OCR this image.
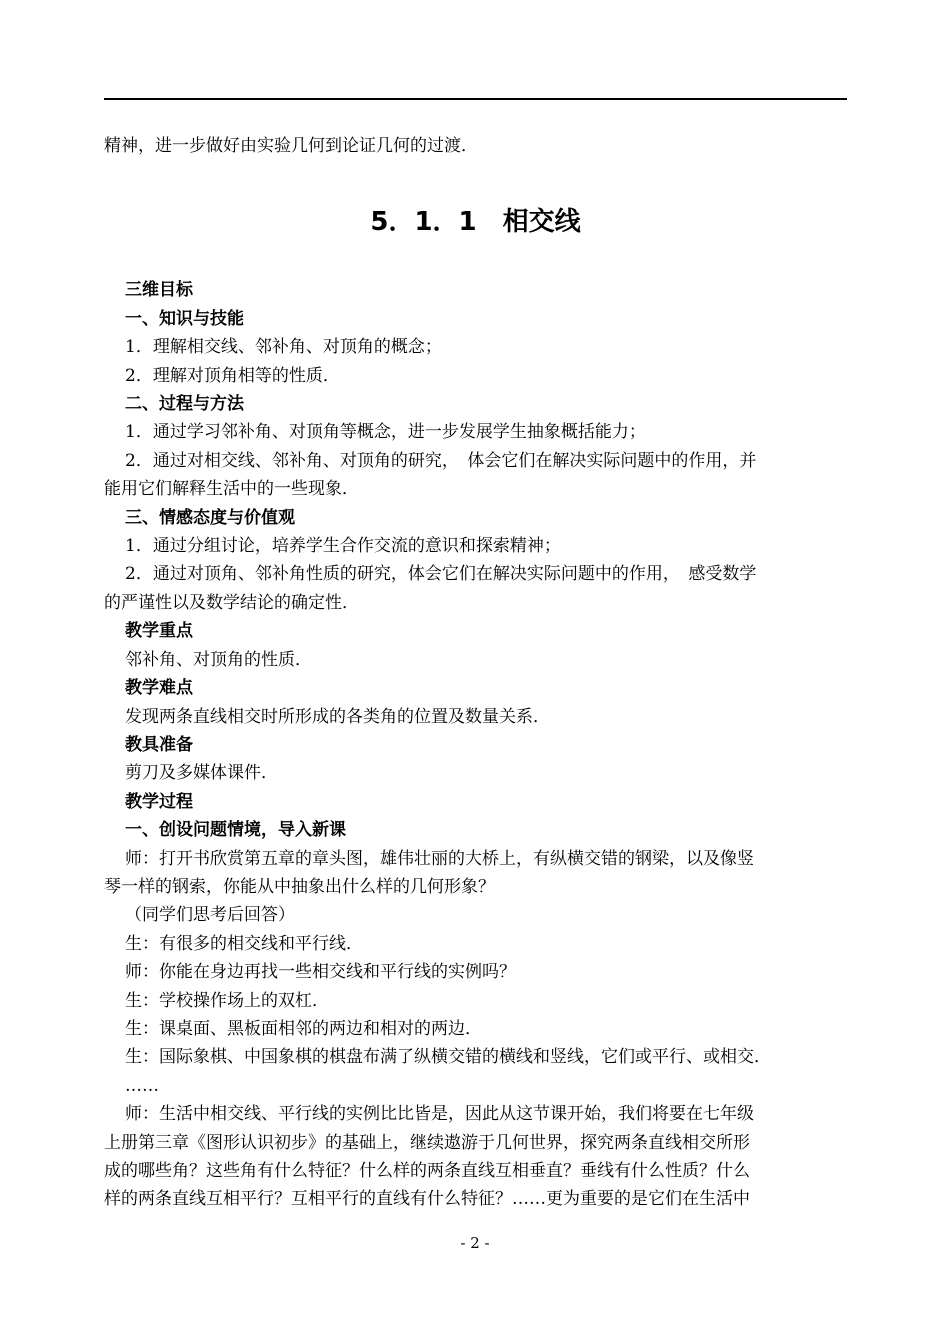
精神，进一步做好由实验几何到论证几何的过渡．

5．1．1　相交线

三维目标

一、知识与技能

1．理解相交线、邻补角、对顶角的概念；

2．理解对顶角相等的性质．

二、过程与方法

1．通过学习邻补角、对顶角等概念，进一步发展学生抽象概括能力；

2．通过对相交线、邻补角、对顶角的研究，　体会它们在解决实际问题中的作用，并

能用它们解释生活中的一些现象．

三、情感态度与价值观

1．通过分组讨论，培养学生合作交流的意识和探索精神；

2．通过对顶角、邻补角性质的研究，体会它们在解决实际问题中的作用，　感受数学

的严谨性以及数学结论的确定性．

教学重点

邻补角、对顶角的性质．

教学难点

发现两条直线相交时所形成的各类角的位置及数量关系．

教具准备

剪刀及多媒体课件．

教学过程

一、创设问题情境，导入新课

师：打开书欣赏第五章的章头图，雄伟壮丽的大桥上，有纵横交错的钢梁，以及像竖

琴一样的钢索，你能从中抽象出什么样的几何形象？

（同学们思考后回答）

生：有很多的相交线和平行线．

师：你能在身边再找一些相交线和平行线的实例吗？

生：学校操作场上的双杠．

生：课桌面、黑板面相邻的两边和相对的两边．

生：国际象棋、中国象棋的棋盘布满了纵横交错的横线和竖线，它们或平行、或相交．

……

师：生活中相交线、平行线的实例比比皆是，因此从这节课开始，我们将要在七年级

上册第三章《图形认识初步》的基础上，继续遨游于几何世界，探究两条直线相交所形

成的哪些角？这些角有什么特征？什么样的两条直线互相垂直？垂线有什么性质？什么

样的两条直线互相平行？互相平行的直线有什么特征？……更为重要的是它们在生活中

- 2 -
